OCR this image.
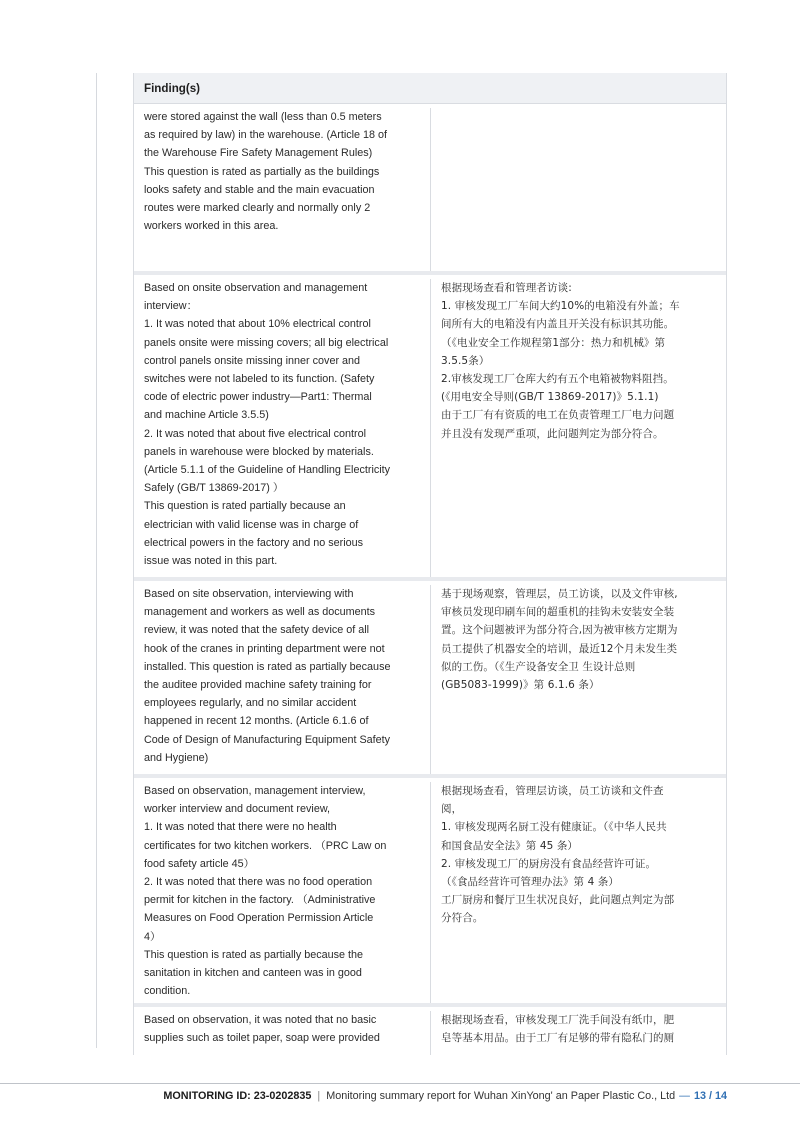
Finding(s)
were stored against the wall (less than 0.5 meters
as required by law) in the warehouse. (Article 18 of
the Warehouse Fire Safety Management Rules)
This question is rated as partially as the buildings
looks safety and stable and the main evacuation
routes were marked clearly and normally only 2
workers worked in this area.
Based on onsite observation and management
interview：
1. It was noted that about 10% electrical control
panels onsite were missing covers; all big electrical
control panels onsite missing inner cover and
switches were not labeled to its function. (Safety
code of electric power industry—Part1: Thermal
and machine Article 3.5.5)
2. It was noted that about five electrical control
panels in warehouse were blocked by materials.
(Article 5.1.1 of the Guideline of Handling Electricity
Safely (GB/T 13869-2017) ）
This question is rated partially because an
electrician with valid license was in charge of
electrical powers in the factory and no serious
issue was noted in this part.
根据现场查看和管理者访谈:
1. 审核发现工厂车间大约10%的电箱没有外盖；车
间所有大的电箱没有内盖且开关没有标识其功能。
（《电业安全工作规程第1部分：热力和机械》第
3.5.5条）
2.审核发现工厂仓库大约有五个电箱被物料阻挡。
(《用电安全导则(GB/T 13869-2017)》5.1.1)
由于工厂有有资质的电工在负责管理工厂电力问题
并且没有发现严重项，此问题判定为部分符合。
Based on site observation, interviewing with
management and workers as well as documents
review, it was noted that the safety device of all
hook of the cranes in printing department were not
installed. This question is rated as partially because
the auditee provided machine safety training for
employees regularly, and no similar accident
happened in recent 12 months. (Article 6.1.6 of
Code of Design of Manufacturing Equipment Safety
and Hygiene)
基于现场观察，管理层，员工访谈，以及文件审核,
审核员发现印刷车间的超重机的挂钩未安装安全装
置。这个问题被评为部分符合,因为被审核方定期为
员工提供了机器安全的培训，最近12个月未发生类
似的工伤。（《生产设备安全卫 生设计总则
(GB5083-1999)》第 6.1.6 条）
Based on observation, management interview,
worker interview and document review,
1. It was noted that there were no health
certificates for two kitchen workers. （PRC Law on
food safety article 45）
2. It was noted that there was no food operation
permit for kitchen in the factory. （Administrative
Measures on Food Operation Permission Article
4）
This question is rated as partially because the
sanitation in kitchen and canteen was in good
condition.
根据现场查看，管理层访谈，员工访谈和文件查
阅，
1. 审核发现两名厨工没有健康证。（《中华人民共
和国食品安全法》第 45 条）
2. 审核发现工厂的厨房没有食品经营许可证。
（《食品经营许可管理办法》第 4 条）
工厂厨房和餐厅卫生状况良好，此问题点判定为部
分符合。
Based on observation, it was noted that no basic
supplies such as toilet paper, soap were provided
根据现场查看，审核发现工厂洗手间没有纸巾，肥
皂等基本用品。由于工厂有足够的带有隐私门的厕
MONITORING ID: 23-0202835 | Monitoring summary report for Wuhan XinYong' an Paper Plastic Co., Ltd — 13 / 14
